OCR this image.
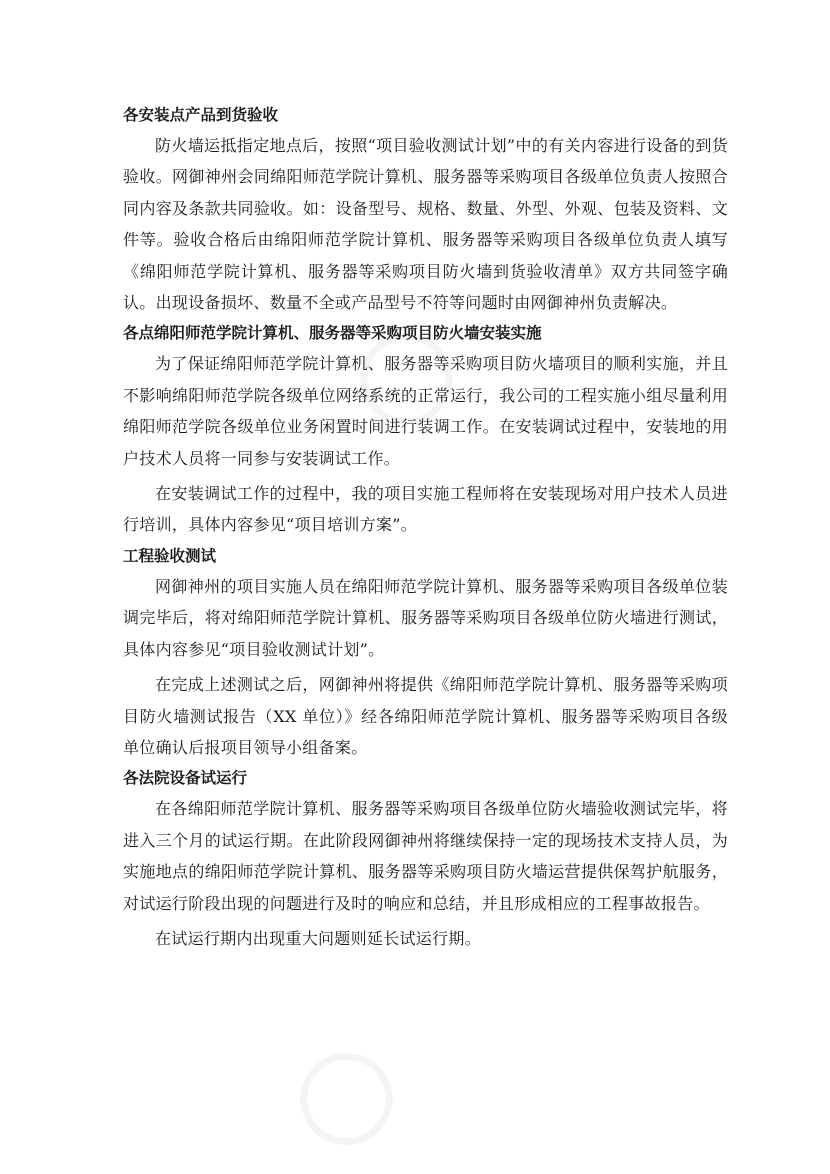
各安装点产品到货验收

防火墙运抵指定地点后，按照“项目验收测试计划”中的有关内容进行设备的到货验收。网御神州会同绵阳师范学院计算机、服务器等采购项目各级单位负责人按照合同内容及条款共同验收。如：设备型号、规格、数量、外型、外观、包装及资料、文件等。验收合格后由绵阳师范学院计算机、服务器等采购项目各级单位负责人填写《绵阳师范学院计算机、服务器等采购项目防火墙到货验收清单》双方共同签字确认。出现设备损坏、数量不全或产品型号不符等问题时由网御神州负责解决。

各点绵阳师范学院计算机、服务器等采购项目防火墙安装实施

为了保证绵阳师范学院计算机、服务器等采购项目防火墙项目的顺利实施，并且不影响绵阳师范学院各级单位网络系统的正常运行，我公司的工程实施小组尽量利用绵阳师范学院各级单位业务闲置时间进行装调工作。在安装调试过程中，安装地的用户技术人员将一同参与安装调试工作。

在安装调试工作的过程中，我的项目实施工程师将在安装现场对用户技术人员进行培训，具体内容参见“项目培训方案”。

工程验收测试

网御神州的项目实施人员在绵阳师范学院计算机、服务器等采购项目各级单位装调完毕后，将对绵阳师范学院计算机、服务器等采购项目各级单位防火墙进行测试，具体内容参见“项目验收测试计划”。

在完成上述测试之后，网御神州将提供《绵阳师范学院计算机、服务器等采购项目防火墙测试报告（XX 单位）》经各绵阳师范学院计算机、服务器等采购项目各级单位确认后报项目领导小组备案。

各法院设备试运行

在各绵阳师范学院计算机、服务器等采购项目各级单位防火墙验收测试完毕，将进入三个月的试运行期。在此阶段网御神州将继续保持一定的现场技术支持人员，为实施地点的绵阳师范学院计算机、服务器等采购项目防火墙运营提供保驾护航服务，对试运行阶段出现的问题进行及时的响应和总结，并且形成相应的工程事故报告。

在试运行期内出现重大问题则延长试运行期。
